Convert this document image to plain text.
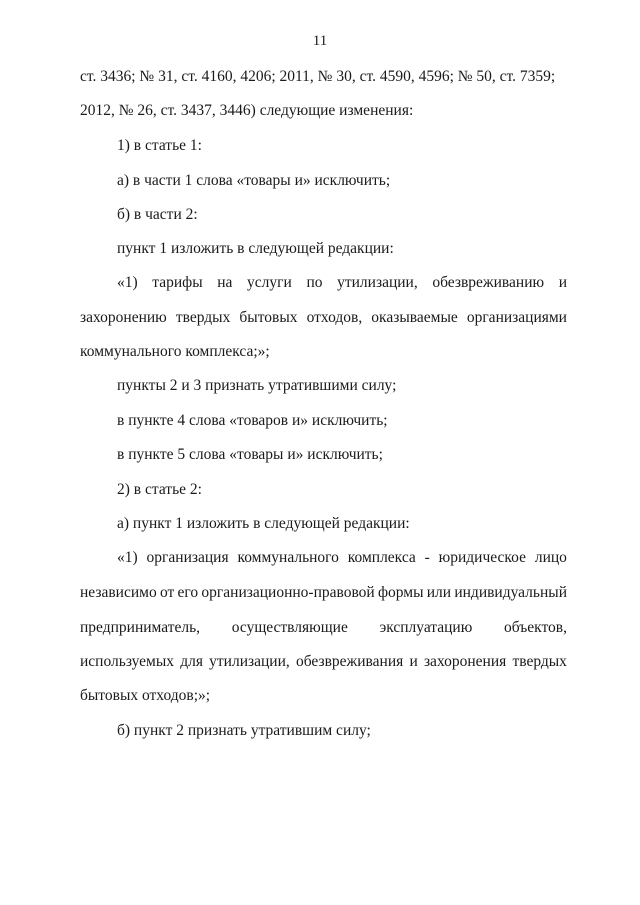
11
ст. 3436; № 31, ст. 4160, 4206; 2011, № 30, ст. 4590, 4596; № 50, ст. 7359;
2012, № 26, ст. 3437, 3446) следующие изменения:
1) в статье 1:
а) в части 1 слова «товары и» исключить;
б) в части 2:
пункт 1 изложить в следующей редакции:
«1) тарифы на услуги по утилизации, обезвреживанию и
захоронению твердых бытовых отходов, оказываемые организациями
коммунального комплекса;»;
пункты 2 и 3 признать утратившими силу;
в пункте 4 слова «товаров и» исключить;
в пункте 5 слова «товары и» исключить;
2) в статье 2:
а) пункт 1 изложить в следующей редакции:
«1) организация коммунального комплекса - юридическое лицо
независимо от его организационно-правовой формы или индивидуальный
предприниматель, осуществляющие эксплуатацию объектов,
используемых для утилизации, обезвреживания и захоронения твердых
бытовых отходов;»;
б) пункт 2 признать утратившим силу;
